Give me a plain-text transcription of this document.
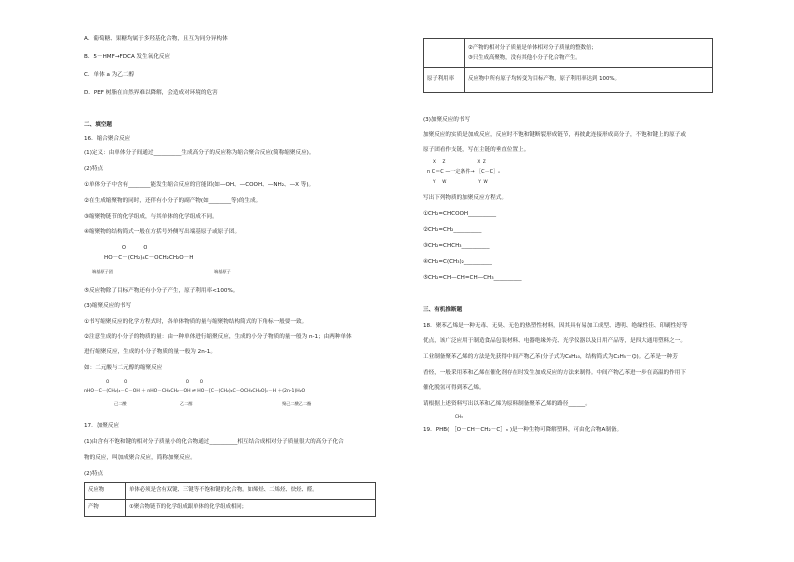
A．葡萄糖、果糖均属于多羟基化合物，且互为同分异构体
B．5－HMF→FDCA 发生氧化反应
C．单体 a 为乙二醇
D．PEF 树脂在自然界难以降解，会造成对环境的危害
二、填空题
16．缩合聚合反应
(1)定义：由单体分子间通过__________生成高分子的反应称为缩合聚合反应(简称缩聚反应)。
(2)特点
①单体分子中含有________能发生缩合反应的官能团(如—OH、—COOH、—NH₂、—X 等)。
②在生成缩聚物的同时，还伴有小分子的副产物(如________等)的生成。
③缩聚物链节的化学组成，与其单体的化学组成不同。
④缩聚物的结构简式一般在方括号外侧写出端基原子或原子团。
O           O
HO－C－(CH₂)₄C－OCH₂CH₂O－H
端基原子团	端基原子
⑤反应物除了目标产物还有小分子产生，原子利用率<100%。
(3)缩聚反应的书写
①书写缩聚反应的化学方程式时，各单体物质的量与缩聚物结构简式的下角标一般要一致。
②注意生成的小分子的物质的量：由一种单体进行缩聚反应，生成的小分子物质的量一般为 n-1；由两种单体
进行缩聚反应，生成的小分子物质的量一般为 2n-1。
如：二元酸与二元醇的缩聚反应
O           O                                            O        O
nHO－C－(CH₂)₄－C－OH ＋ nHO－CH₂CH₂－OH ⇌ HO－[C－(CH₂)₄C－OCH₂CH₂O]ₙ－H ＋(2n-1)H₂O
己二酸	乙二醇	聚己二酸乙二酯
17．加聚反应
(1)由含有不饱和键的相对分子质量小的化合物通过__________相互结合成相对分子质量很大的高分子化合
物的反应，叫加成聚合反应，简称加聚反应。
(2)特点
反应物	单体必须是含有双键、三键等不饱和键的化合物。如烯烃、二烯烃、炔烃、醛。
产物	①聚合物链节的化学组成跟单体的化学组成相同；

	②产物的相对分子质量是单体相对分子质量的整数倍；
③只生成高聚物，没有其他小分子化合物产生。

原子利用率	反应物中所有原子均转变为目标产物，原子利用率达到 100%。
(3)加聚反应的书写
加聚反应的实质是加成反应，反应时不饱和键断裂形成链节，再彼此连接形成高分子，不饱和键上的原子或
原子团看作支链，写在主链的垂直位置上。
X     Z                        X  Z
n C＝C —一定条件→ ［C－C］ₙ
Y     W                        Y  W
写出下列物质的加聚反应方程式。
①CH₂=CHCOOH__________
②CH₂=CH₂__________
③CH₂=CHCH₃__________
④CH₂=C(CH₃)₂__________
⑤CH₂=CH—CH=CH—CH₃__________
三、有机推断题
18．聚苯乙烯是一种无毒、无臭、无色的热塑性材料，因其具有易加工成型、透明、绝缘性佳、印刷性好等
优点，该广泛应用于制造食品包装材料、电器绝缘外壳、光学仪器以及日用产品等，是四大通用塑料之一。
工业制备聚苯乙烯的方法是先获得中间产物乙苯(分子式为C₈H₁₀，结构简式为C₂H₅－⌬)。乙苯是一种芳
香烃，一般采用苯和乙烯在催化剂存在时发生加成反应的方法来制得。中间产物乙苯进一步在高温的作用下
催化脱氢可得到苯乙烯。
请根据上述资料写出以苯和乙烯为原料制备聚苯乙烯的路径______。
CH₃
19．PHB( ［O－CH－CH₂－C］ₙ )是一种生物可降解塑料，可由化合物A制备。
